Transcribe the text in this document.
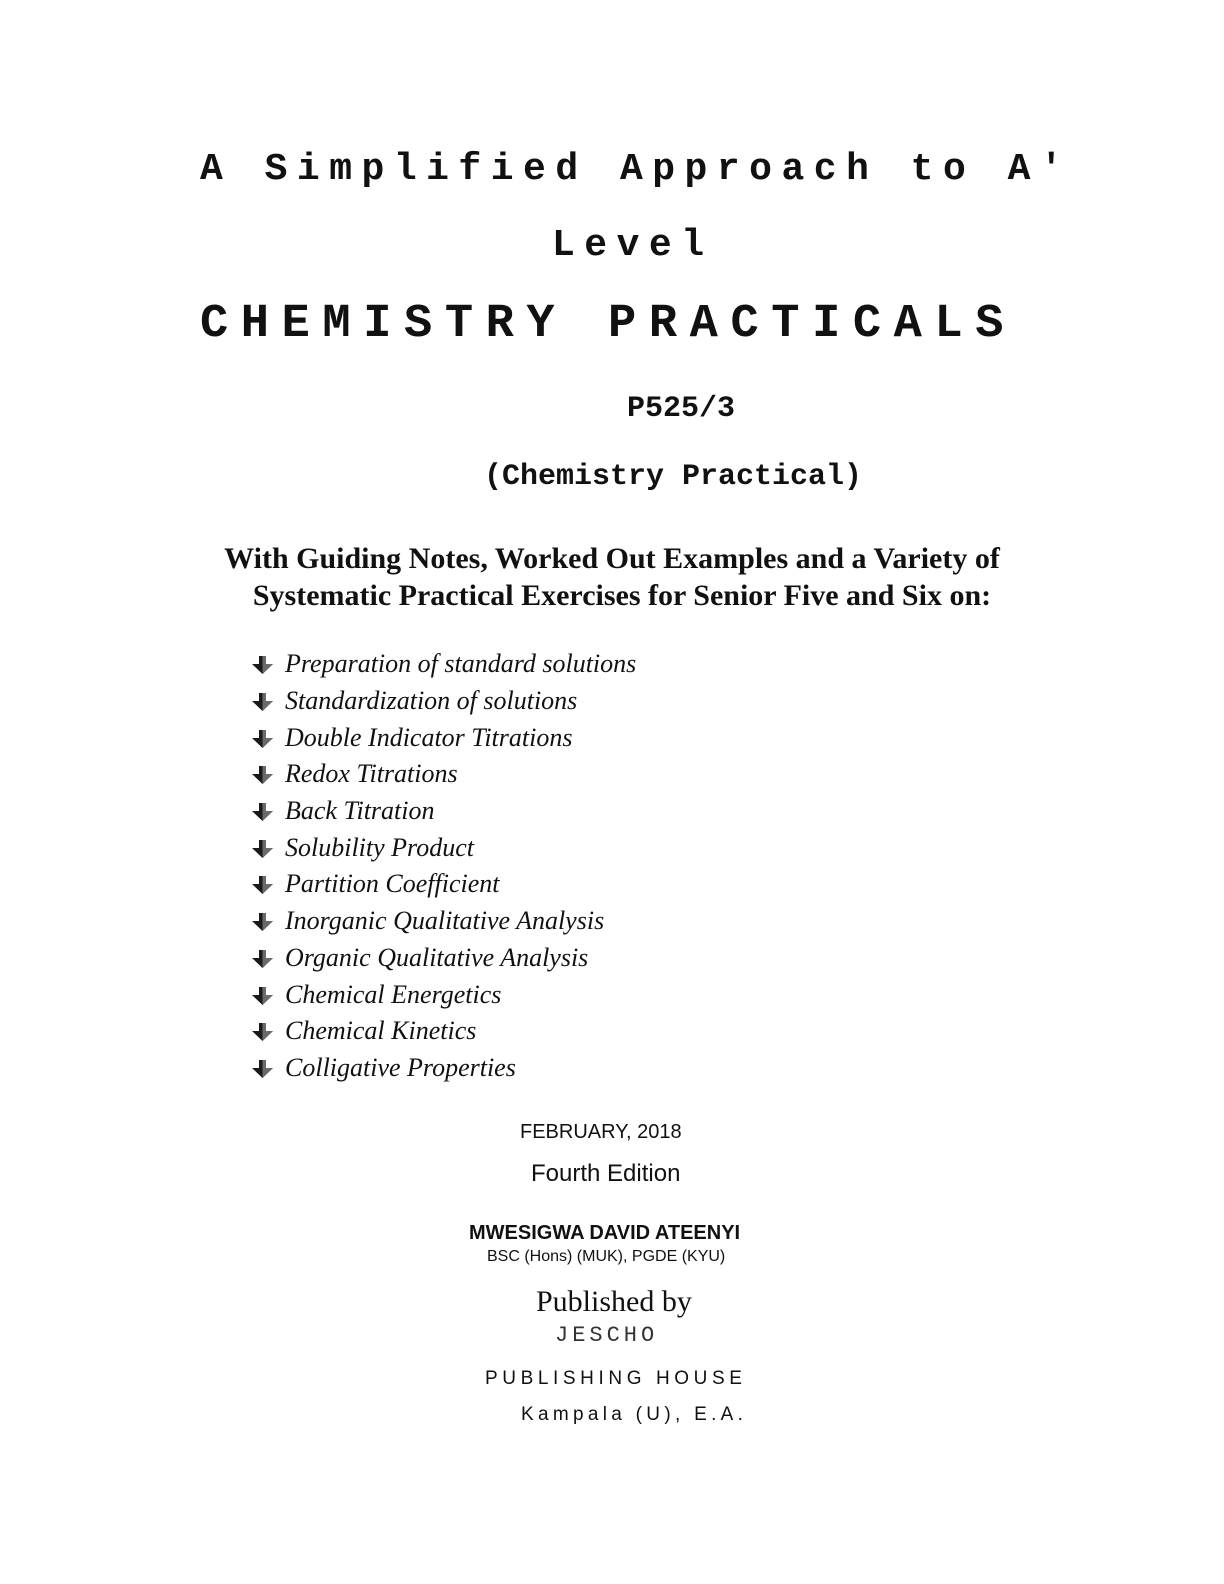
A Simplified Approach to A′
Level
CHEMISTRY PRACTICALS
P525/3
(Chemistry Practical)
With Guiding Notes, Worked Out Examples and a Variety of
Systematic Practical Exercises for Senior Five and Six on:
Preparation of standard solutions
Standardization of solutions
Double Indicator Titrations
Redox Titrations
Back Titration
Solubility Product
Partition Coefficient
Inorganic Qualitative Analysis
Organic Qualitative Analysis
Chemical Energetics
Chemical Kinetics
Colligative Properties
FEBRUARY, 2018
Fourth Edition
MWESIGWA DAVID ATEENYI
BSC (Hons) (MUK), PGDE (KYU)
Published by
JESCHO
PUBLISHING HOUSE
Kampala (U), E.A.
